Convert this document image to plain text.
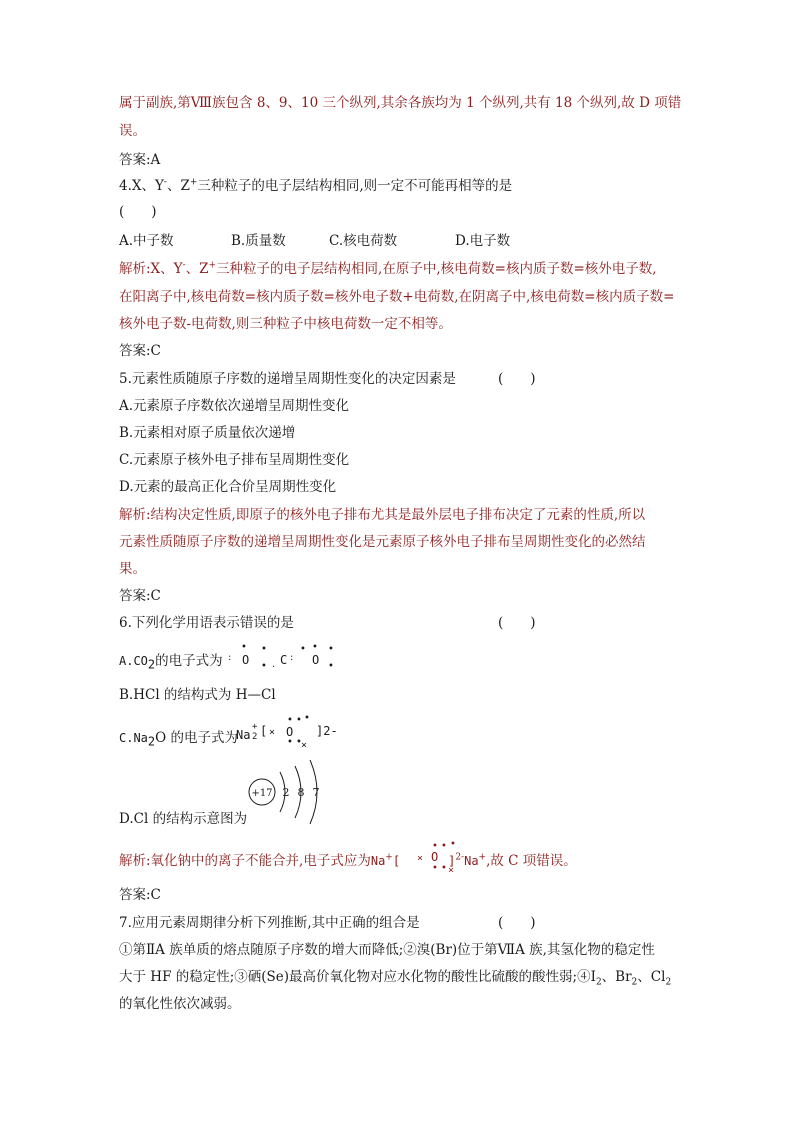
属于副族,第Ⅷ族包含 8、9、10 三个纵列,其余各族均为 1 个纵列,共有 18 个纵列,故 D 项错
误。
答案:A
4.X、Y-、Z+三种粒子的电子层结构相同,则一定不可能再相等的是
(　　)
A.中子数	B.质量数	C.核电荷数	D.电子数
解析:X、Y-、Z+三种粒子的电子层结构相同,在原子中,核电荷数=核内质子数=核外电子数,
在阳离子中,核电荷数=核内质子数=核外电子数+电荷数,在阴离子中,核电荷数=核内质子数=
核外电子数-电荷数,则三种粒子中核电荷数一定不相等。
答案:C
5.元素性质随原子序数的递增呈周期性变化的决定因素是	(　　)
A.元素原子序数依次递增呈周期性变化
B.元素相对原子质量依次递增
C.元素原子核外电子排布呈周期性变化
D.元素的最高正化合价呈周期性变化
解析:结构决定性质,即原子的核外电子排布尤其是最外层电子排布决定了元素的性质,所以
元素性质随原子序数的递增呈周期性变化是元素原子核外电子排布呈周期性变化的必然结
果。
答案:C
6.下列化学用语表示错误的是	(　　)
$A.CO_2$的电子式为 :
•
O
•
• . C :
• •
O
•
•
B.HCl 的结构式为 H—Cl
$C.Na_2O$ 的电子式为
Na 2
+ [ ×
• •
O
•
• • ×
]2-
D.Cl 的结构示意图为
+17 2 8 7
解析:氧化钠中的离子不能合并,电子式应为Na+[	]$^{2-}$Na+,故 C 项错误。
×
• •
O
•
• • ×
答案:C
7.应用元素周期律分析下列推断,其中正确的组合是	(　　)
①第ⅡA 族单质的熔点随原子序数的增大而降低;②溴(Br)位于第ⅦA 族,其氢化物的稳定性
大于 HF 的稳定性;③硒(Se)最高价氧化物对应水化物的酸性比硫酸的酸性弱$;④I_2$、$Br_2$、$Cl_2$
的氧化性依次减弱。
